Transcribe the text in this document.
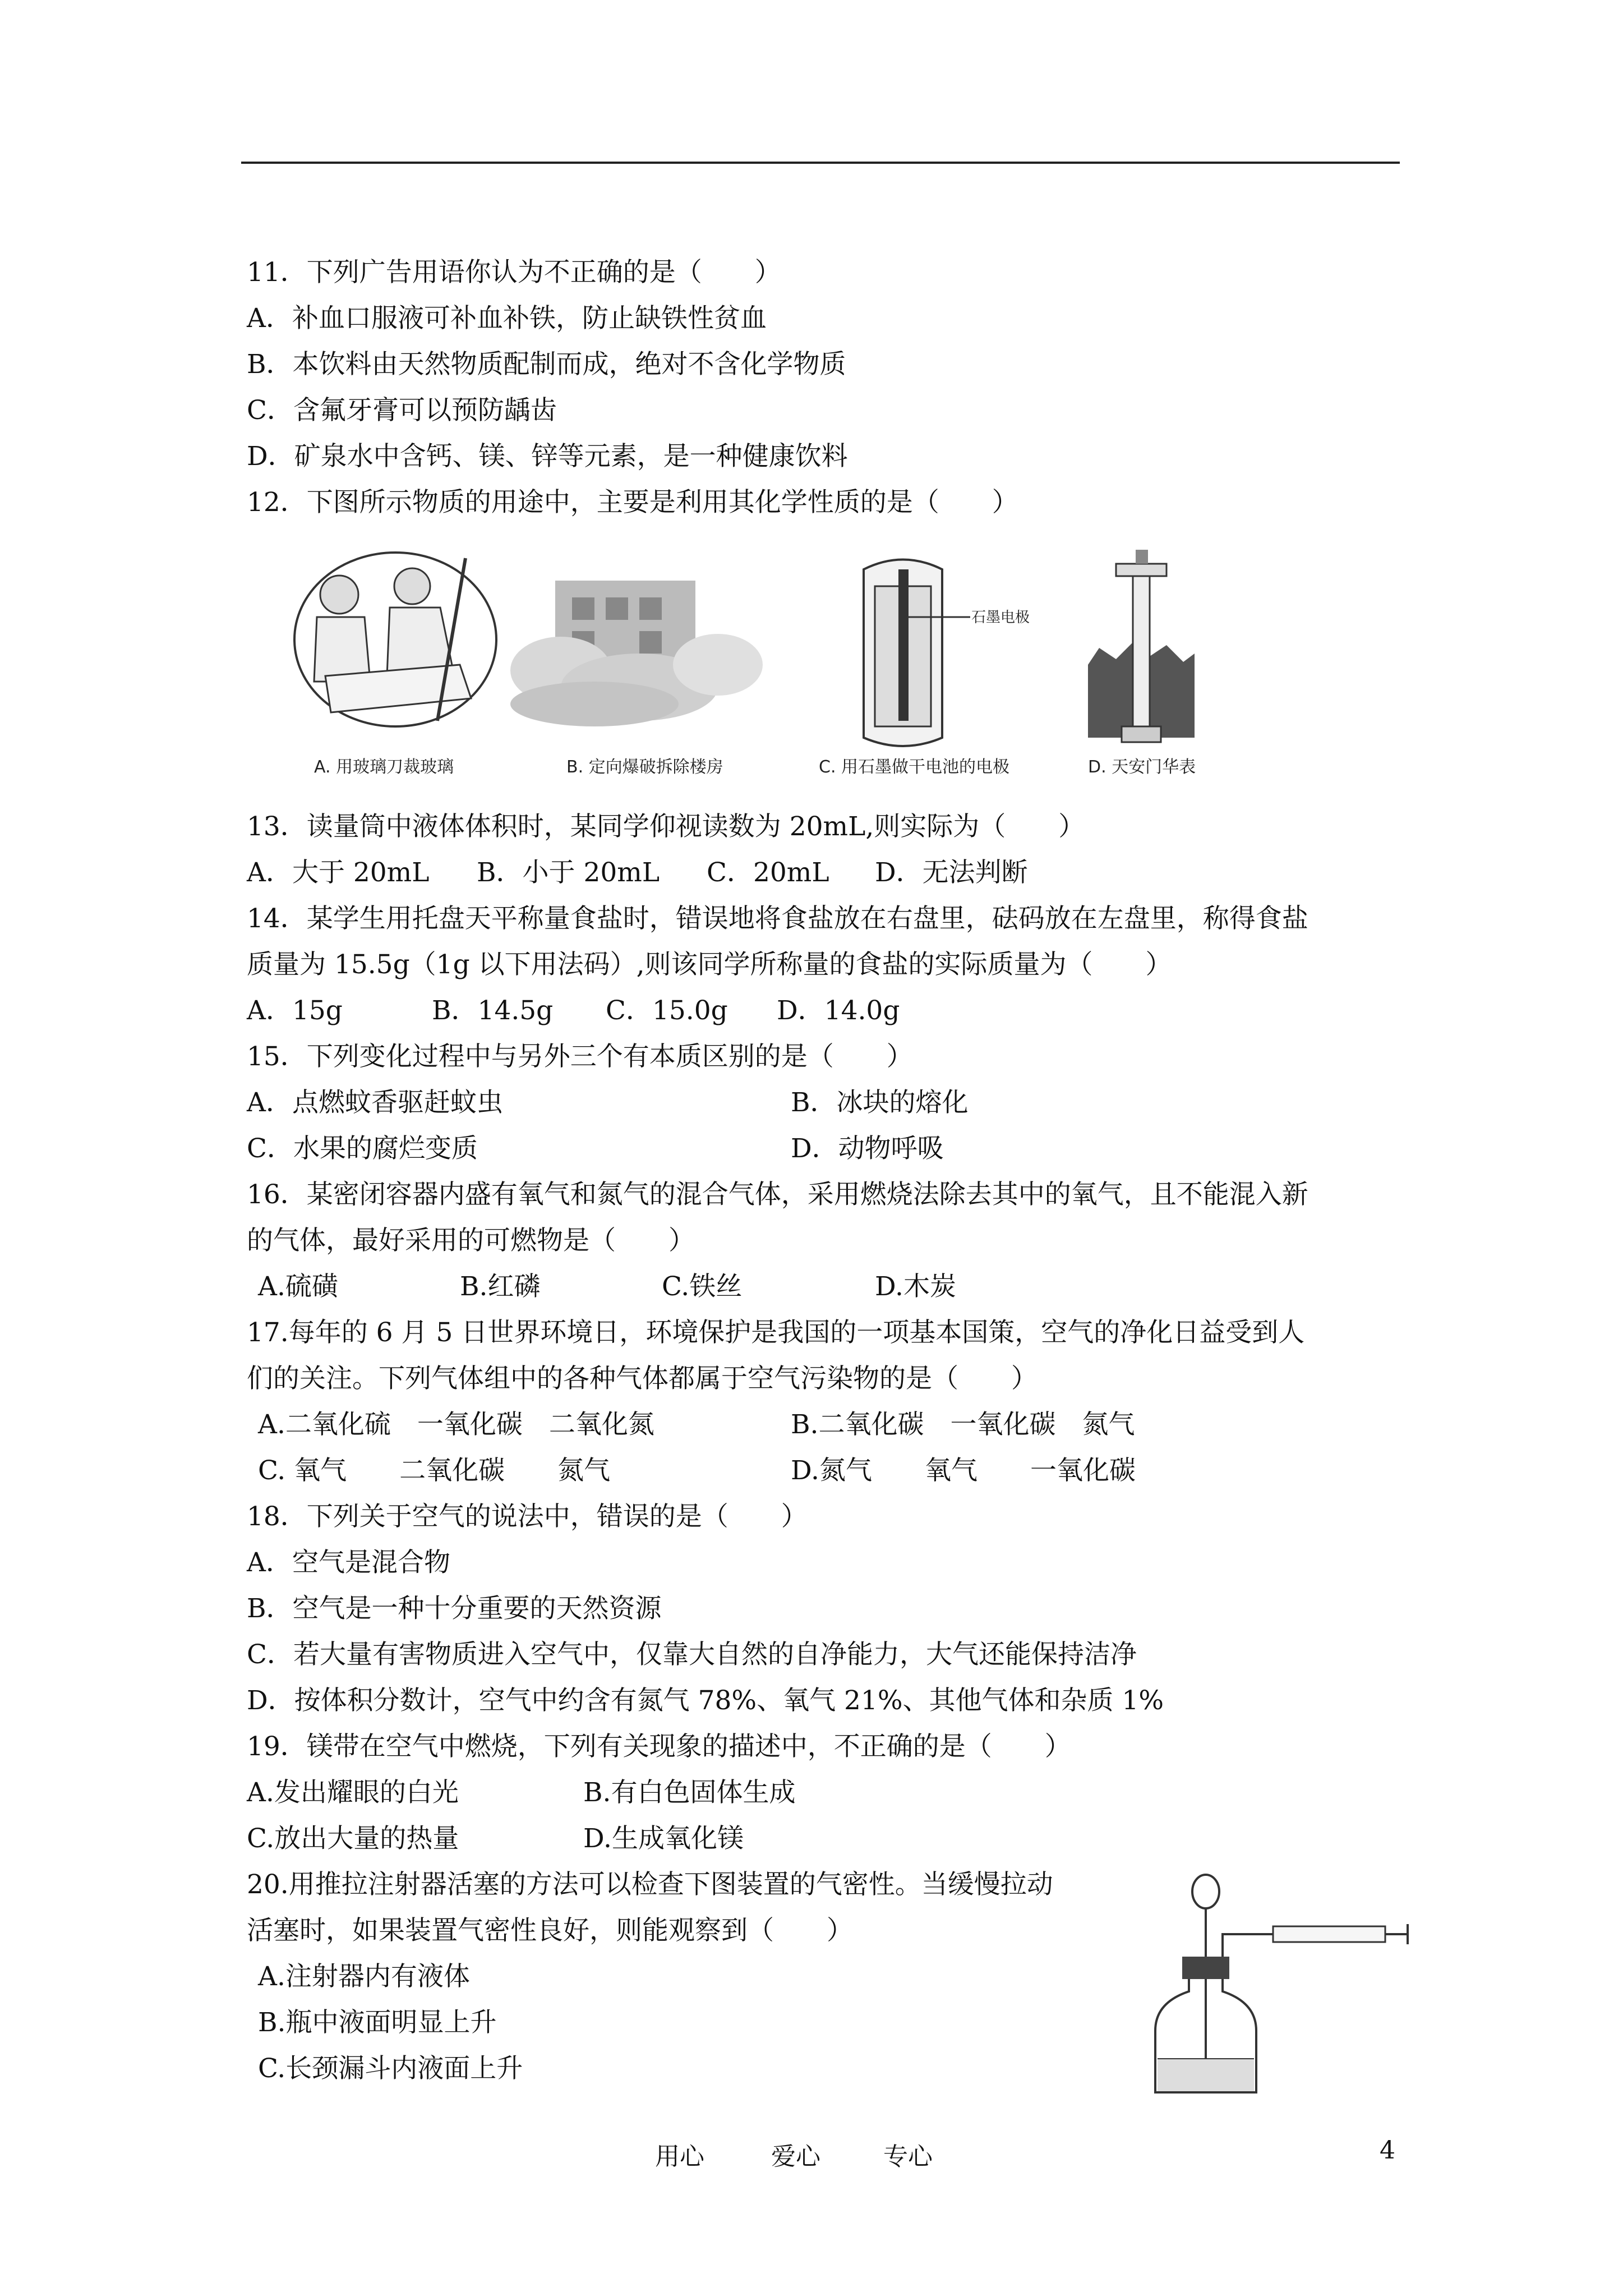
11．下列广告用语你认为不正确的是（　　）
A．补血口服液可补血补铁，防止缺铁性贫血
B．本饮料由天然物质配制而成，绝对不含化学物质
C．含氟牙膏可以预防龋齿
D．矿泉水中含钙、镁、锌等元素，是一种健康饮料
12．下图所示物质的用途中，主要是利用其化学性质的是（　　）
A. 用玻璃刀裁玻璃	B. 定向爆破拆除楼房
石墨电极
C. 用石墨做干电池的电极	D. 天安门华表
13．读量筒中液体体积时，某同学仰视读数为 20mL,则实际为（　　）
A．大于 20mL B．小于 20mL C．20mL D．无法判断
14．某学生用托盘天平称量食盐时，错误地将食盐放在右盘里，砝码放在左盘里，称得食盐
质量为 15.5g（1g 以下用法码）,则该同学所称量的食盐的实际质量为（　　）
A．15g	B．14.5g C．15.0g D．14.0g
15．下列变化过程中与另外三个有本质区别的是（　　）
A．点燃蚊香驱赶蚊虫	B．冰块的熔化
C．水果的腐烂变质	D．动物呼吸
16．某密闭容器内盛有氧气和氮气的混合气体，采用燃烧法除去其中的氧气，且不能混入新
的气体，最好采用的可燃物是（　　）
A.硫磺	B.红磷	C.铁丝	D.木炭
17.每年的 6 月 5 日世界环境日，环境保护是我国的一项基本国策，空气的净化日益受到人
们的关注。下列气体组中的各种气体都属于空气污染物的是（　　）
A.二氧化硫　一氧化碳　二氧化氮	B.二氧化碳　一氧化碳　氮气
C. 氧气　　二氧化碳　　氮气	D.氮气　　氧气　　一氧化碳
18．下列关于空气的说法中，错误的是（　　）
A．空气是混合物
B．空气是一种十分重要的天然资源
C．若大量有害物质进入空气中，仅靠大自然的自净能力，大气还能保持洁净
D．按体积分数计，空气中约含有氮气 78%、氧气 21%、其他气体和杂质 1%
19．镁带在空气中燃烧，下列有关现象的描述中，不正确的是（　　）
A.发出耀眼的白光	B.有白色固体生成
C.放出大量的热量	D.生成氧化镁
20.用推拉注射器活塞的方法可以检查下图装置的气密性。当缓慢拉动
活塞时，如果装置气密性良好，则能观察到（　　）
A.注射器内有液体
B.瓶中液面明显上升
C.长颈漏斗内液面上升
用心	爱心	专心	4
